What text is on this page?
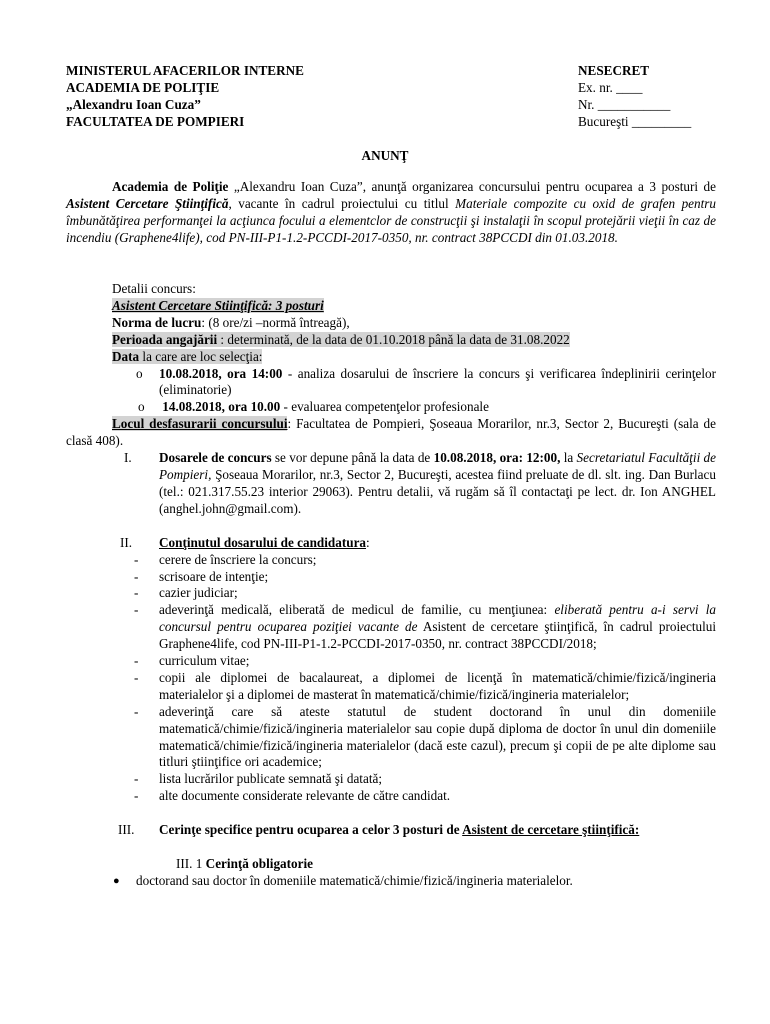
MINISTERUL AFACERILOR INTERNE
ACADEMIA DE POLIŢIE
„Alexandru Ioan Cuza”
FACULTATEA DE POMPIERI
NESECRET
Ex. nr. ____
Nr. ___________
Bucureşti _________
ANUNŢ
Academia de Poliţie „Alexandru Ioan Cuza”, anunţă organizarea concursului pentru ocuparea a 3 posturi de Asistent Cercetare Ştiinţifică, vacante în cadrul proiectului cu titlul Materiale compozite cu oxid de grafen pentru îmbunătăţirea performanţei la acţiunca focului a elementclor de construcţii şi instalaţii în scopul protejării vieţii în caz de incendiu (Graphene4life), cod PN-III-P1-1.2-PCCDI-2017-0350, nr. contract 38PCCDI din 01.03.2018.
Detalii concurs:
Asistent Cercetare Stiinţifică: 3 posturi
Norma de lucru: (8 ore/zi –normă întreagă),
Perioada angajării : determinată, de la data de 01.10.2018 până la data de 31.08.2022
Data la care are loc selecţia:
o 10.08.2018, ora 14:00 - analiza dosarului de înscriere la concurs şi verificarea îndeplinirii cerinţelor (eliminatorie)
o 14.08.2018, ora 10.00 - evaluarea competenţelor profesionale
Locul desfasurarii concursului: Facultatea de Pompieri, Şoseaua Morarilor, nr.3, Sector 2, Bucureşti (sala de clasă 408).
I. Dosarele de concurs se vor depune până la data de 10.08.2018, ora: 12:00, la Secretariatul Facultăţii de Pompieri, Şoseaua Morarilor, nr.3, Sector 2, Bucureşti, acestea fiind preluate de dl. slt. ing. Dan Burlacu (tel.: 021.317.55.23 interior 29063). Pentru detalii, vă rugăm să îl contactaţi pe lect. dr. Ion ANGHEL (anghel.john@gmail.com).
II. Conţinutul dosarului de candidatura:
- cerere de înscriere la concurs;
- scrisoare de intenţie;
- cazier judiciar;
- adeverinţă medicală, eliberată de medicul de familie, cu menţiunea: eliberată pentru a-i servi la concursul pentru ocuparea poziţiei vacante de Asistent de cercetare ştiinţifică, în cadrul proiectului Graphene4life, cod PN-III-P1-1.2-PCCDI-2017-0350, nr. contract 38PCCDI/2018;
- curriculum vitae;
- copii ale diplomei de bacalaureat, a diplomei de licenţă în matematică/chimie/fizică/ingineria materialelor şi a diplomei de masterat în matematică/chimie/fizică/ingineria materialelor;
- adeverinţă care să ateste statutul de student doctorand în unul din domeniile matematică/chimie/fizică/ingineria materialelor sau copie după diploma de doctor în unul din domeniile matematică/chimie/fizică/ingineria materialelor (dacă este cazul), precum şi copii de pe alte diplome sau titluri ştiinţifice ori academice;
- lista lucrărilor publicate semnată şi datată;
- alte documente considerate relevante de către candidat.
III. Cerinţe specifice pentru ocuparea a celor 3 posturi de Asistent de cercetare ştiinţifică:
III. 1 Cerinţă obligatorie
● doctorand sau doctor în domeniile matematică/chimie/fizică/ingineria materialelor.
